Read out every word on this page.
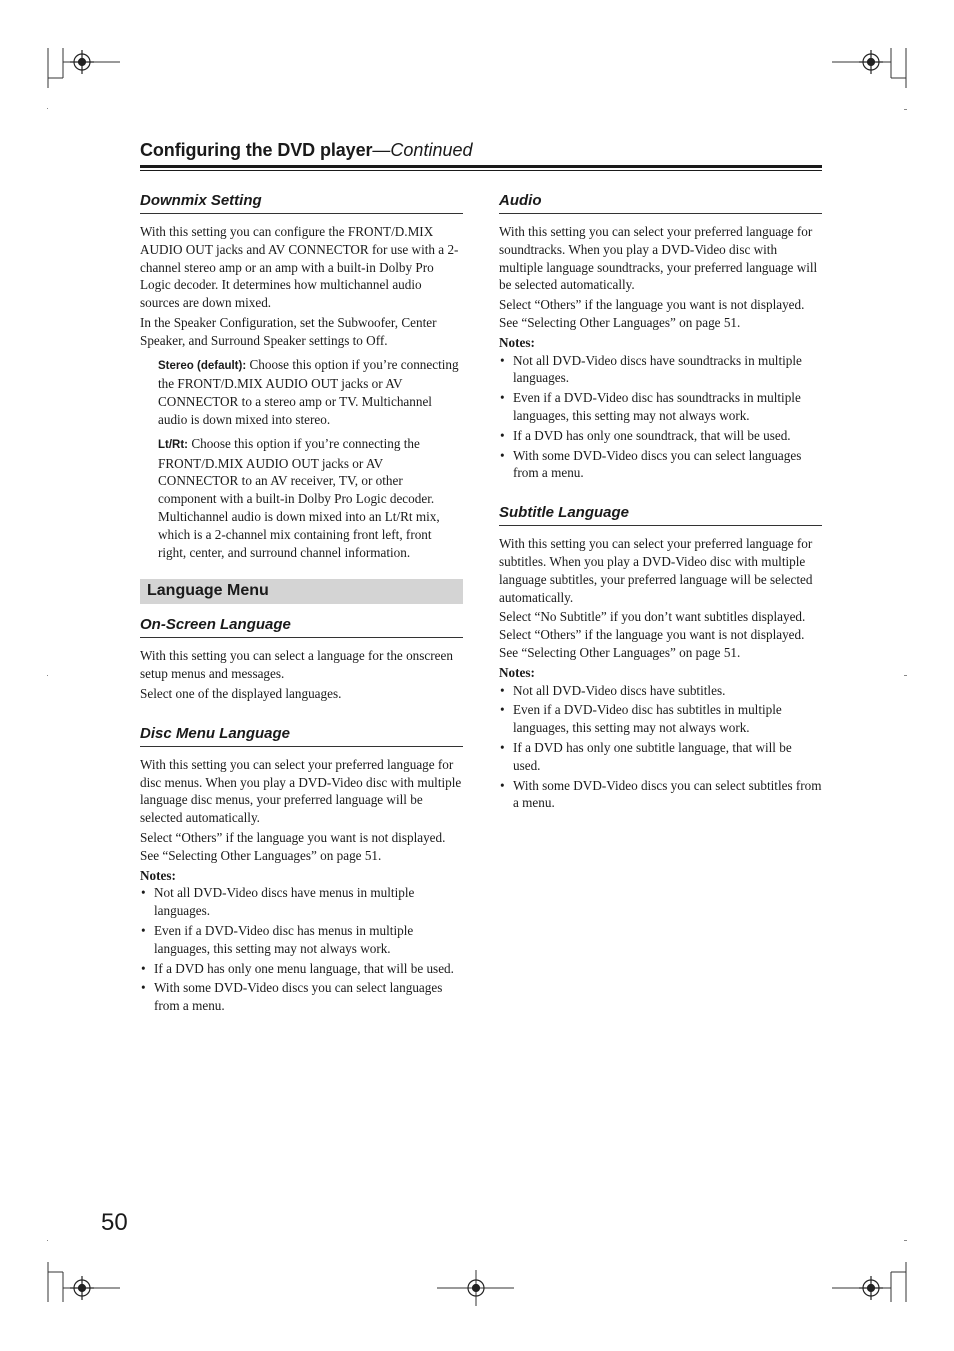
Configuring the DVD player—Continued
Downmix Setting

With this setting you can configure the FRONT/D.MIX AUDIO OUT jacks and AV CONNECTOR for use with a 2-channel stereo amp or an amp with a built-in Dolby Pro Logic decoder. It determines how multichannel audio sources are down mixed.

In the Speaker Configuration, set the Subwoofer, Center Speaker, and Surround Speaker settings to Off.

Stereo (default): Choose this option if you’re connecting the FRONT/D.MIX AUDIO OUT jacks or AV CONNECTOR to a stereo amp or TV. Multichannel audio is down mixed into stereo.

Lt/Rt: Choose this option if you’re connecting the FRONT/D.MIX AUDIO OUT jacks or AV CONNECTOR to an AV receiver, TV, or other component with a built-in Dolby Pro Logic decoder. Multichannel audio is down mixed into an Lt/Rt mix, which is a 2-channel mix containing front left, front right, center, and surround channel information.

Language Menu
On-Screen Language

With this setting you can select a language for the onscreen setup menus and messages.

Select one of the displayed languages.

Disc Menu Language

With this setting you can select your preferred language for disc menus. When you play a DVD-Video disc with multiple language disc menus, your preferred language will be selected automatically.

Select “Others” if the language you want is not displayed. See “Selecting Other Languages” on page 51.

Notes:
• Not all DVD-Video discs have menus in multiple languages.
• Even if a DVD-Video disc has menus in multiple languages, this setting may not always work.
• If a DVD has only one menu language, that will be used.
• With some DVD-Video discs you can select languages from a menu.
Audio

With this setting you can select your preferred language for soundtracks. When you play a DVD-Video disc with multiple language soundtracks, your preferred language will be selected automatically.

Select “Others” if the language you want is not displayed. See “Selecting Other Languages” on page 51.

Notes:
• Not all DVD-Video discs have soundtracks in multiple languages.
• Even if a DVD-Video disc has soundtracks in multiple languages, this setting may not always work.
• If a DVD has only one soundtrack, that will be used.
• With some DVD-Video discs you can select languages from a menu.
Subtitle Language

With this setting you can select your preferred language for subtitles. When you play a DVD-Video disc with multiple language subtitles, your preferred language will be selected automatically.

Select “No Subtitle” if you don’t want subtitles displayed. Select “Others” if the language you want is not displayed. See “Selecting Other Languages” on page 51.

Notes:
• Not all DVD-Video discs have subtitles.
• Even if a DVD-Video disc has subtitles in multiple languages, this setting may not always work.
• If a DVD has only one subtitle language, that will be used.
• With some DVD-Video discs you can select subtitles from a menu.
50
